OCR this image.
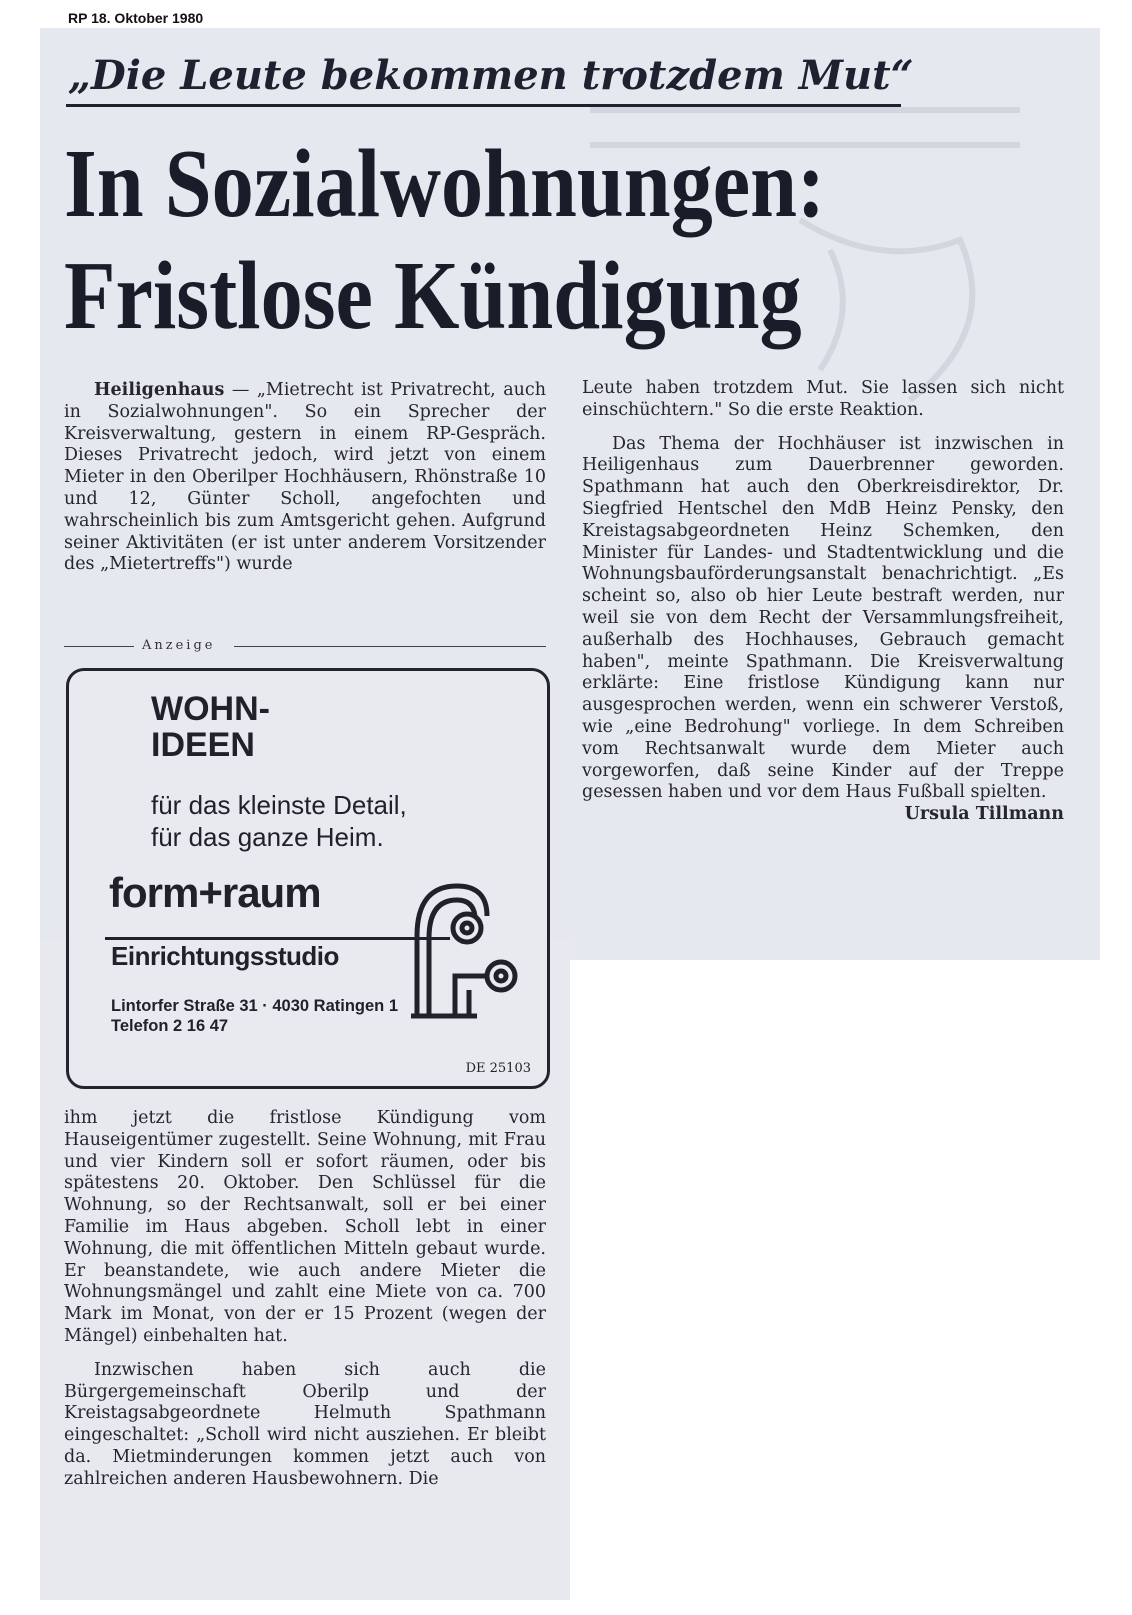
RP 18. Oktober 1980
„Die Leute bekommen trotzdem Mut“
In Sozialwohnungen:
Fristlose Kündigung

Heiligenhaus — „Mietrecht ist Privatrecht, auch in Sozialwohnungen". So ein Sprecher der Kreisverwaltung, gestern in einem RP-Gespräch. Dieses Privatrecht jedoch, wird jetzt von einem Mieter in den Oberilper Hochhäusern, Rhönstraße 10 und 12, Günter Scholl, angefochten und wahrscheinlich bis zum Amtsgericht gehen. Aufgrund seiner Aktivitäten (er ist unter anderem Vorsitzender des „Mietertreffs") wurde

Anzeige
WOHN-
IDEEN
für das kleinste Detail,
für das ganze Heim.
form+raum
Einrichtungsstudio
Lintorfer Straße 31 · 4030 Ratingen 1
Telefon 2 16 47
DE 25103

ihm jetzt die fristlose Kündigung vom Hauseigentümer zugestellt. Seine Wohnung, mit Frau und vier Kindern soll er sofort räumen, oder bis spätestens 20. Oktober. Den Schlüssel für die Wohnung, so der Rechtsanwalt, soll er bei einer Familie im Haus abgeben. Scholl lebt in einer Wohnung, die mit öffentlichen Mitteln gebaut wurde. Er beanstandete, wie auch andere Mieter die Wohnungsmängel und zahlt eine Miete von ca. 700 Mark im Monat, von der er 15 Prozent (wegen der Mängel) einbehalten hat.

Inzwischen haben sich auch die Bürgergemeinschaft Oberilp und der Kreistagsabgeordnete Helmuth Spathmann eingeschaltet: „Scholl wird nicht ausziehen. Er bleibt da. Mietminderungen kommen jetzt auch von zahlreichen anderen Hausbewohnern. Die

Leute haben trotzdem Mut. Sie lassen sich nicht einschüchtern." So die erste Reaktion.

Das Thema der Hochhäuser ist inzwischen in Heiligenhaus zum Dauerbrenner geworden. Spathmann hat auch den Oberkreisdirektor, Dr. Siegfried Hentschel den MdB Heinz Pensky, den Kreistagsabgeordneten Heinz Schemken, den Minister für Landes- und Stadtentwicklung und die Wohnungsbauförderungsanstalt benachrichtigt. „Es scheint so, also ob hier Leute bestraft werden, nur weil sie von dem Recht der Versammlungsfreiheit, außerhalb des Hochhauses, Gebrauch gemacht haben", meinte Spathmann. Die Kreisverwaltung erklärte: Eine fristlose Kündigung kann nur ausgesprochen werden, wenn ein schwerer Verstoß, wie „eine Bedrohung" vorliege. In dem Schreiben vom Rechtsanwalt wurde dem Mieter auch vorgeworfen, daß seine Kinder auf der Treppe gesessen haben und vor dem Haus Fußball spielten.
Ursula Tillmann
